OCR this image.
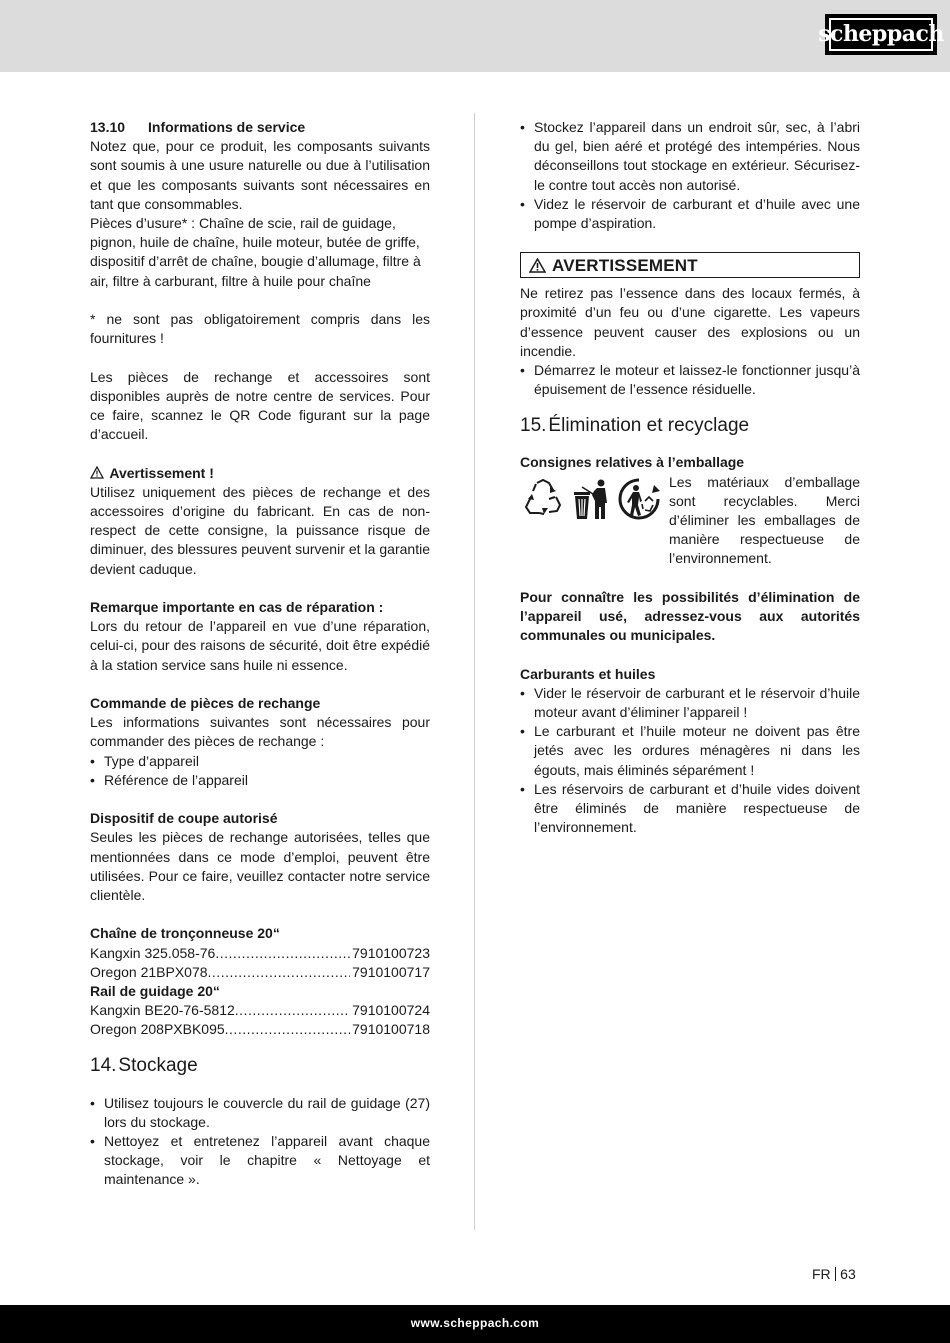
scheppach
13.10	Informations de service

Notez que, pour ce produit, les composants suivants sont soumis à une usure naturelle ou due à l’utilisation et que les composants suivants sont nécessaires en tant que consommables.

Pièces d’usure* : Chaîne de scie, rail de guidage, pignon, huile de chaîne, huile moteur, butée de griffe, dispositif d’arrêt de chaîne, bougie d’allumage, filtre à air, filtre à carburant, filtre à huile pour chaîne

* ne sont pas obligatoirement compris dans les fournitures !

Les pièces de rechange et accessoires sont disponibles auprès de notre centre de services. Pour ce faire, scannez le QR Code figurant sur la page d’accueil.

Avertissement !

Utilisez uniquement des pièces de rechange et des accessoires d’origine du fabricant. En cas de non-respect de cette consigne, la puissance risque de diminuer, des blessures peuvent survenir et la garantie devient caduque.

Remarque importante en cas de réparation :

Lors du retour de l’appareil en vue d’une réparation, celui-ci, pour des raisons de sécurité, doit être expédié à la station service sans huile ni essence.

Commande de pièces de rechange

Les informations suivantes sont nécessaires pour commander des pièces de rechange :

• Type d’appareil
• Référence de l’appareil
Dispositif de coupe autorisé

Seules les pièces de rechange autorisées, telles que mentionnées dans ce mode d’emploi, peuvent être utilisées. Pour ce faire, veuillez contacter notre service clientèle.

Chaîne de tronçonneuse 20“
Kangxin 325.058-76 .....	7910100723
Oregon 21BPX078 .....	7910100717
Rail de guidage 20“
Kangxin BE20-76-5812 .....	7910100724
Oregon 208PXBK095 .....	7910100718
14. Stockage
• Utilisez toujours le couvercle du rail de guidage (27) lors du stockage.
• Nettoyez et entretenez l’appareil avant chaque stockage, voir le chapitre « Nettoyage et maintenance ».
• Stockez l’appareil dans un endroit sûr, sec, à l’abri du gel, bien aéré et protégé des intempéries. Nous déconseillons tout stockage en extérieur. Sécurisez-le contre tout accès non autorisé.
• Videz le réservoir de carburant et d’huile avec une pompe d’aspiration.
AVERTISSEMENT

Ne retirez pas l’essence dans des locaux fermés, à proximité d’un feu ou d’une cigarette. Les vapeurs d’essence peuvent causer des explosions ou un incendie.

• Démarrez le moteur et laissez-le fonctionner jusqu’à épuisement de l’essence résiduelle.
15. Élimination et recyclage
Consignes relatives à l’emballage

Les matériaux d’emballage sont recyclables. Merci d’éliminer les emballages de manière respectueuse de l’environnement.

Pour connaître les possibilités d’élimination de l’appareil usé, adressez-vous aux autorités communales ou municipales.

Carburants et huiles
• Vider le réservoir de carburant et le réservoir d’huile moteur avant d’éliminer l’appareil !
• Le carburant et l’huile moteur ne doivent pas être jetés avec les ordures ménagères ni dans les égouts, mais éliminés séparément !
• Les réservoirs de carburant et d’huile vides doivent être éliminés de manière respectueuse de l’environnement.
FR 63
www.scheppach.com
